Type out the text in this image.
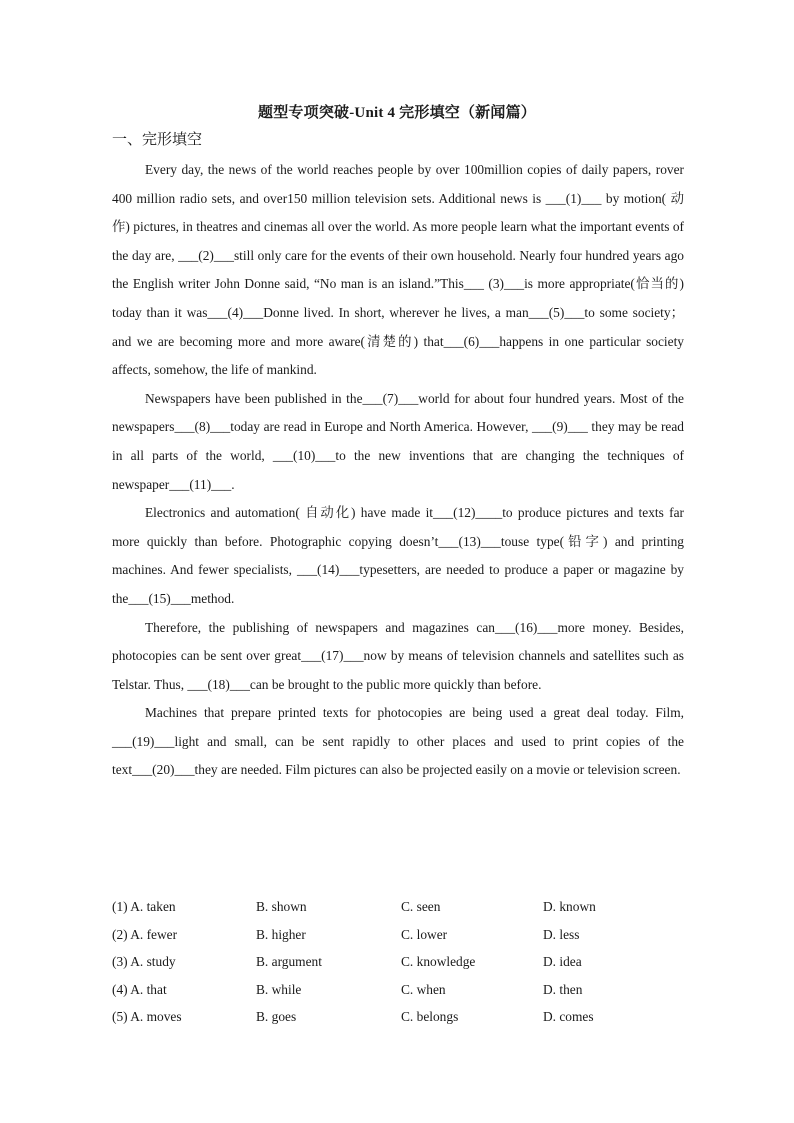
题型专项突破-Unit 4 完形填空（新闻篇）
一、完形填空

Every day, the news of the world reaches people by over 100million copies of daily papers, rover 400 million radio sets, and over150 million television sets. Additional news is ___(1)___ by motion( 动作) pictures, in theatres and cinemas all over the world. As more people learn what the important events of the day are, ___(2)___still only care for the events of their own household. Nearly four hundred years ago the English writer John Donne said, “No man is an island.”This___ (3)___is more appropriate(恰当的) today than it was___(4)___Donne lived. In short, wherever he lives, a man___(5)___to some society；and we are becoming more and more aware(清楚的) that___(6)___happens in one particular society affects, somehow, the life of mankind.

Newspapers have been published in the___(7)___world for about four hundred years. Most of the newspapers___(8)___today are read in Europe and North America. However, ___(9)___ they may be read in all parts of the world, ___(10)___to the new inventions that are changing the techniques of newspaper___(11)___.

Electronics and automation( 自动化) have made it___(12)____to produce pictures and texts far more quickly than before. Photographic copying doesn’t___(13)___touse type(铅字) and printing machines. And fewer specialists, ___(14)___typesetters, are needed to produce a paper or magazine by the___(15)___method.

Therefore, the publishing of newspapers and magazines can___(16)___more money. Besides, photocopies can be sent over great___(17)___now by means of television channels and satellites such as Telstar. Thus, ___(18)___can be brought to the public more quickly than before.

Machines that prepare printed texts for photocopies are being used a great deal today. Film, ___(19)___light and small, can be sent rapidly to other places and used to print copies of the text___(20)___they are needed. Film pictures can also be projected easily on a movie or television screen.

(1) A. taken	B. shown	C. seen	D. known
(2) A. fewer	B. higher	C. lower	D. less
(3) A. study	B. argument	C. knowledge	D. idea
(4) A. that	B. while	C. when	D. then
(5) A. moves	B. goes	C. belongs	D. comes
